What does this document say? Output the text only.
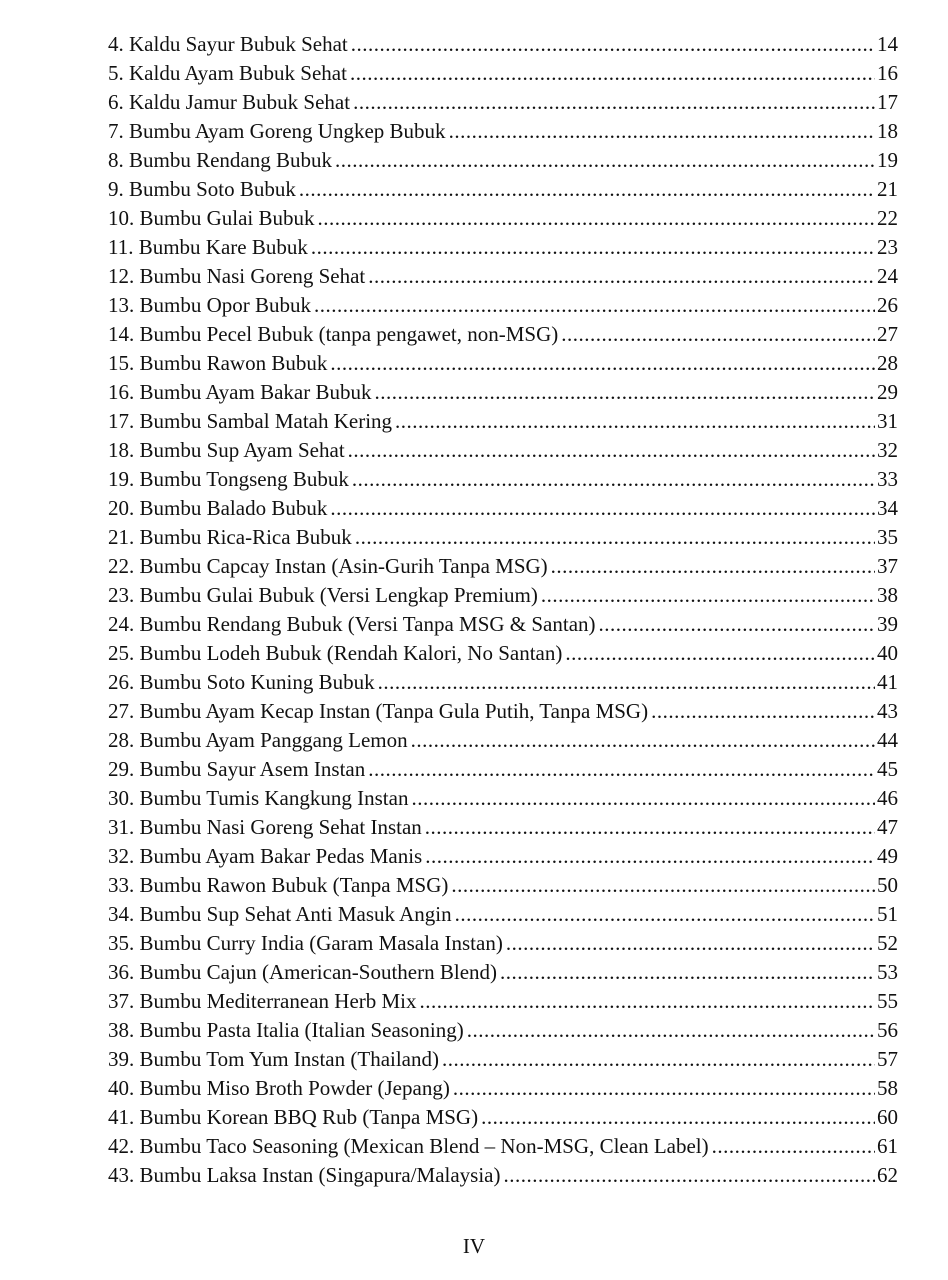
4. Kaldu Sayur Bubuk Sehat .....	14
5. Kaldu Ayam Bubuk Sehat .....	16
6. Kaldu Jamur Bubuk Sehat .....	17
7. Bumbu Ayam Goreng Ungkep Bubuk .....	18
8. Bumbu Rendang Bubuk .....	19
9. Bumbu Soto Bubuk .....	21
10. Bumbu Gulai Bubuk .....	22
11. Bumbu Kare Bubuk .....	23
12. Bumbu Nasi Goreng Sehat .....	24
13. Bumbu Opor Bubuk .....	26
14. Bumbu Pecel Bubuk (tanpa pengawet, non-MSG) .....	27
15. Bumbu Rawon Bubuk .....	28
16. Bumbu Ayam Bakar Bubuk .....	29
17. Bumbu Sambal Matah Kering .....	31
18. Bumbu Sup Ayam Sehat .....	32
19. Bumbu Tongseng Bubuk .....	33
20. Bumbu Balado Bubuk .....	34
21. Bumbu Rica-Rica Bubuk .....	35
22. Bumbu Capcay Instan (Asin-Gurih Tanpa MSG) .....	37
23. Bumbu Gulai Bubuk (Versi Lengkap Premium) .....	38
24. Bumbu Rendang Bubuk (Versi Tanpa MSG & Santan) .....	39
25. Bumbu Lodeh Bubuk (Rendah Kalori, No Santan) .....	40
26. Bumbu Soto Kuning Bubuk .....	41
27. Bumbu Ayam Kecap Instan (Tanpa Gula Putih, Tanpa MSG) .....	43
28. Bumbu Ayam Panggang Lemon .....	44
29. Bumbu Sayur Asem Instan .....	45
30. Bumbu Tumis Kangkung Instan .....	46
31. Bumbu Nasi Goreng Sehat Instan .....	47
32. Bumbu Ayam Bakar Pedas Manis .....	49
33. Bumbu Rawon Bubuk (Tanpa MSG) .....	50
34. Bumbu Sup Sehat Anti Masuk Angin .....	51
35. Bumbu Curry India (Garam Masala Instan) .....	52
36. Bumbu Cajun (American-Southern Blend) .....	53
37. Bumbu Mediterranean Herb Mix .....	55
38. Bumbu Pasta Italia (Italian Seasoning) .....	56
39. Bumbu Tom Yum Instan (Thailand) .....	57
40. Bumbu Miso Broth Powder (Jepang) .....	58
41. Bumbu Korean BBQ Rub (Tanpa MSG) .....	60
42. Bumbu Taco Seasoning (Mexican Blend – Non-MSG, Clean Label) .....	61
43. Bumbu Laksa Instan (Singapura/Malaysia) .....	62
IV
